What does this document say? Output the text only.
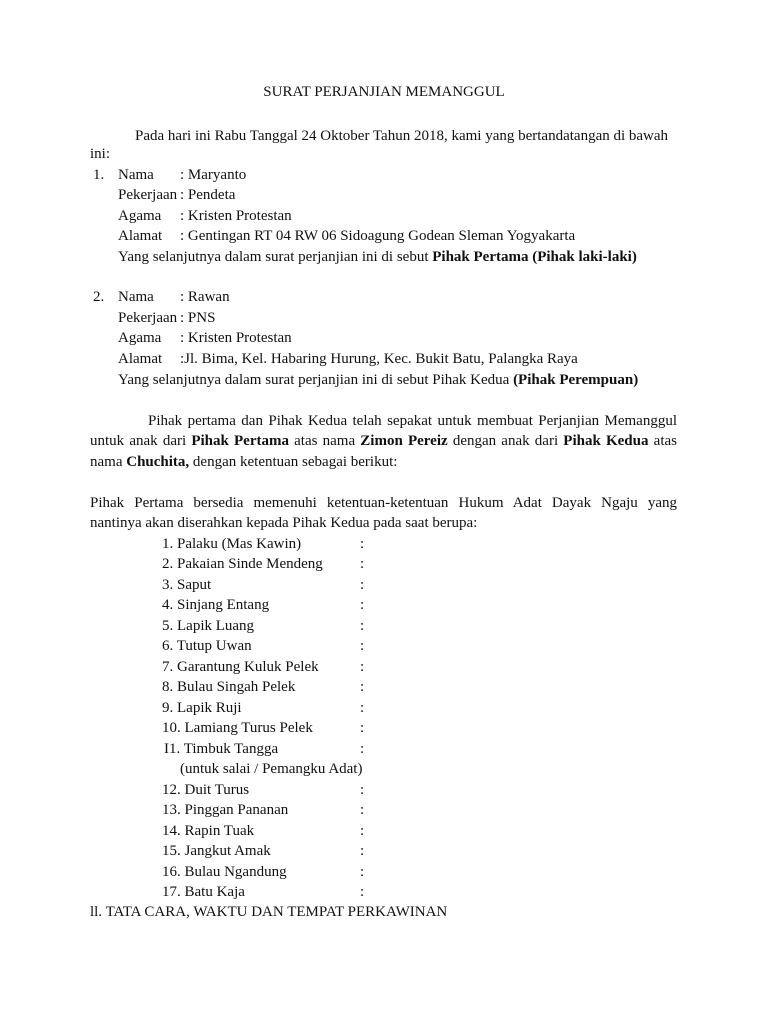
SURAT PERJANJIAN MEMANGGUL
Pada hari ini Rabu Tanggal 24 Oktober Tahun 2018, kami yang bertandatangan di bawah
ini:
1. Nama : Maryanto
Pekerjaan : Pendeta
Agama : Kristen Protestan
Alamat : Gentingan RT 04 RW 06 Sidoagung Godean Sleman Yogyakarta
Yang selanjutnya dalam surat perjanjian ini di sebut Pihak Pertama (Pihak laki-laki)
2. Nama : Rawan
Pekerjaan : PNS
Agama : Kristen Protestan
Alamat :Jl. Bima, Kel. Habaring Hurung, Kec. Bukit Batu, Palangka Raya
Yang selanjutnya dalam surat perjanjian ini di sebut Pihak Kedua (Pihak Perempuan)
Pihak pertama dan Pihak Kedua telah sepakat untuk membuat Perjanjian Memanggul
untuk anak dari Pihak Pertama atas nama Zimon Pereiz dengan anak dari Pihak Kedua atas
nama Chuchita, dengan ketentuan sebagai berikut:
Pihak Pertama bersedia memenuhi ketentuan-ketentuan Hukum Adat Dayak Ngaju yang
nantinya akan diserahkan kepada Pihak Kedua pada saat berupa:
1. Palaku (Mas Kawin)	:
2. Pakaian Sinde Mendeng :
3. Saput	:
4. Sinjang Entang	:
5. Lapik Luang	:
6. Tutup Uwan	:
7. Garantung Kuluk Pelek	:
8. Bulau Singah Pelek	:
9. Lapik Ruji	:
10. Lamiang Turus Pelek	:
I1. Timbuk Tangga	:
(untuk salai / Pemangku Adat)
12. Duit Turus	:
13. Pinggan Pananan	:
14. Rapin Tuak	:
15. Jangkut Amak	:
16. Bulau Ngandung	:
17. Batu Kaja	:
ll. TATA CARA, WAKTU DAN TEMPAT PERKAWINAN
